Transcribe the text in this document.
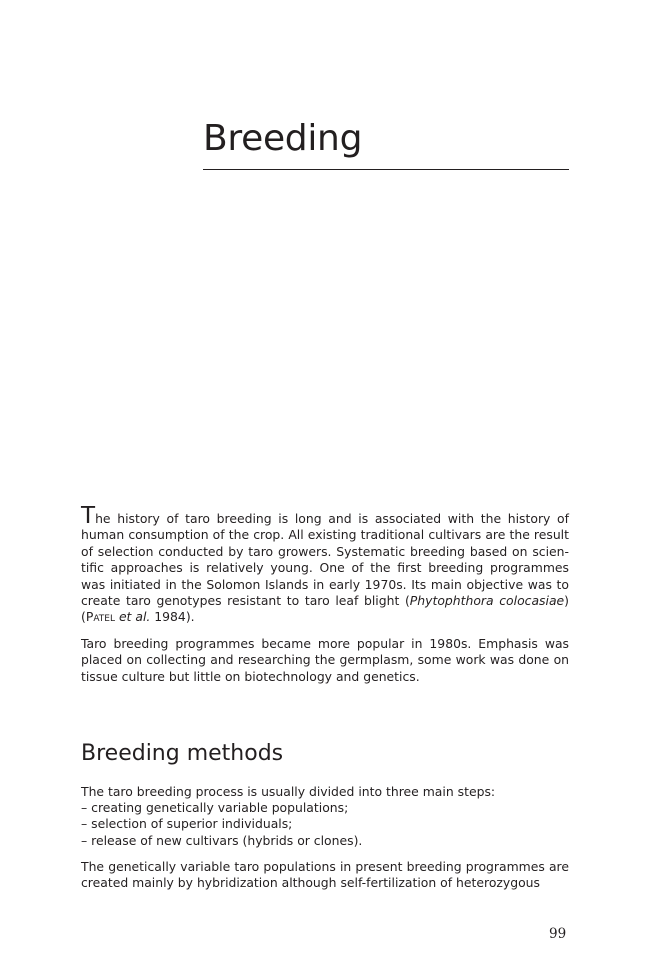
Breeding

The history of taro breeding is long and is associated with the history of human consumption of the crop. All existing traditional cultivars are the result of selection conducted by taro growers. Systematic breeding based on scientific approaches is relatively young. One of the first breeding programmes was initiated in the Solomon Islands in early 1970s. Its main objective was to create taro genotypes resistant to taro leaf blight (Phytophthora colocasiae) (Patel et al. 1984).

Taro breeding programmes became more popular in 1980s. Emphasis was placed on collecting and researching the germplasm, some work was done on tissue culture but little on biotechnology and genetics.

Breeding methods

The taro breeding process is usually divided into three main steps:

– creating genetically variable populations;
– selection of superior individuals;
– release of new cultivars (hybrids or clones).

The genetically variable taro populations in present breeding programmes are created mainly by hybridization although self-fertilization of heterozygous

99
